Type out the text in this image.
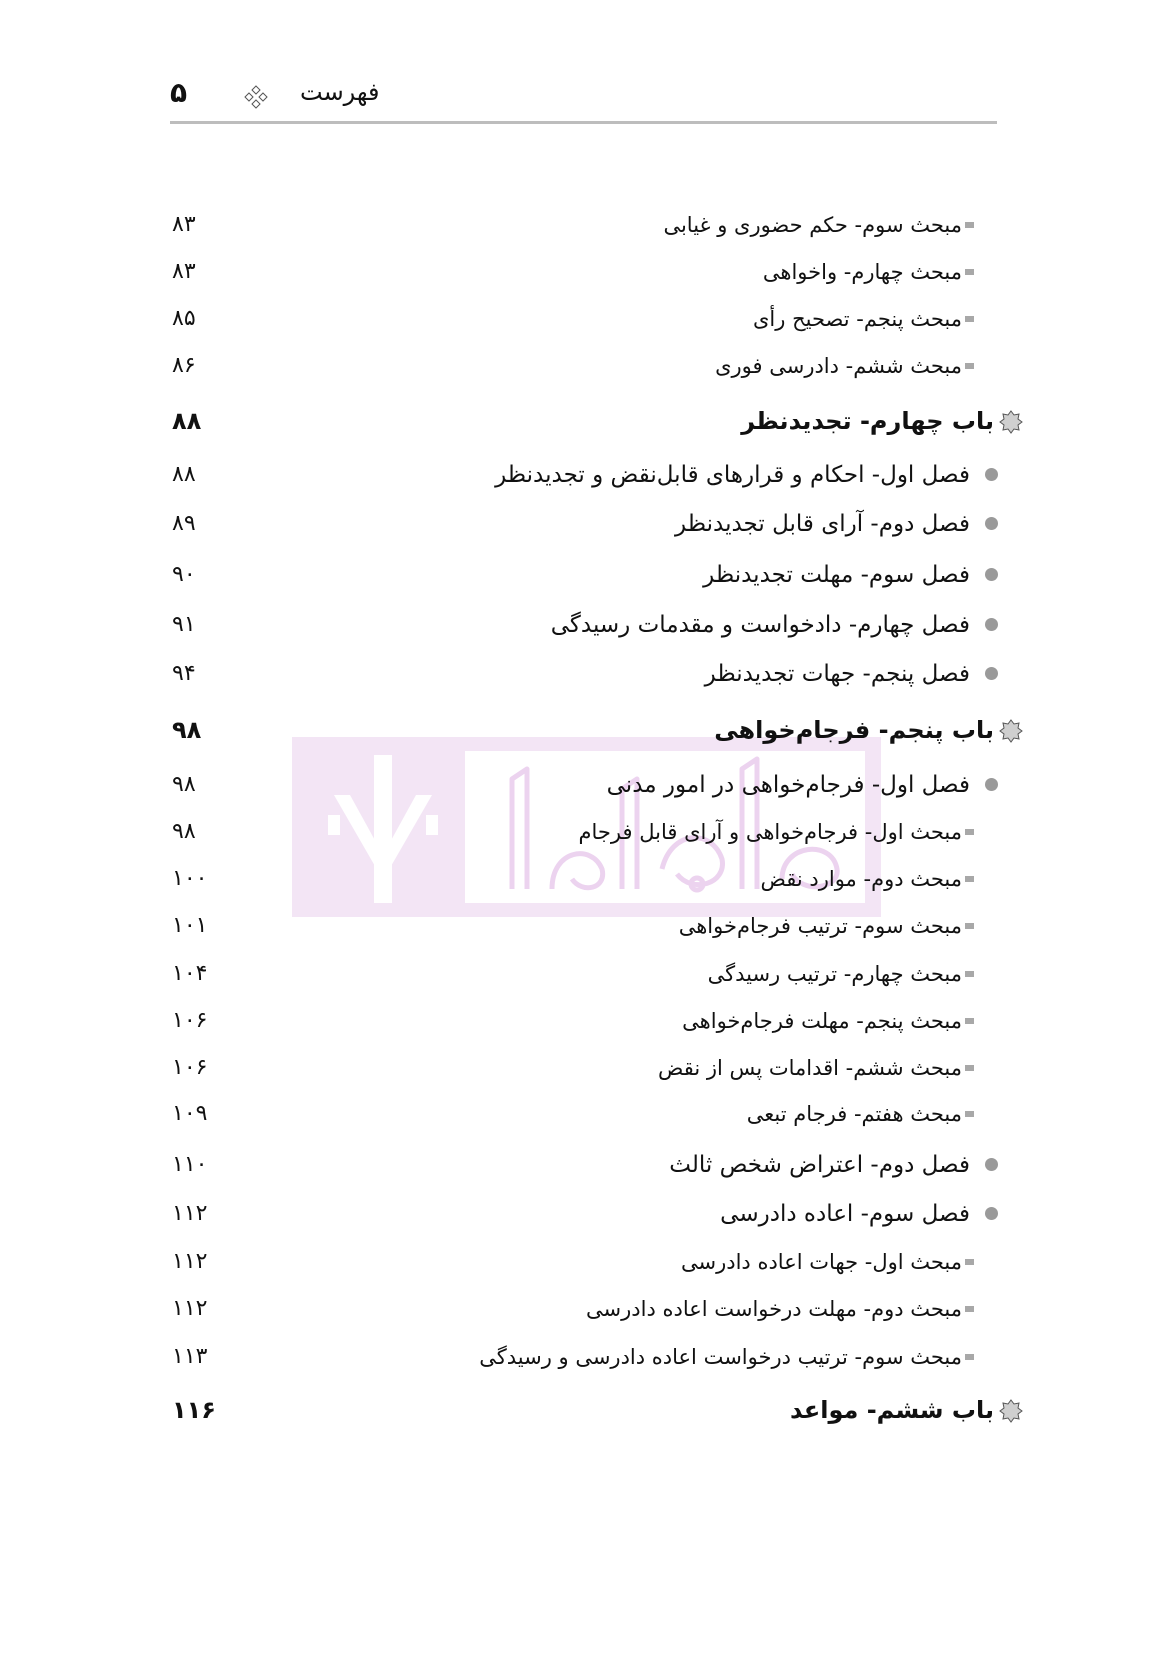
فهرست
۵
مبحث سوم- حکم حضوری و غیابی
۸۳
مبحث چهارم- واخواهی
۸۳
مبحث پنجم- تصحیح رأی
۸۵
مبحث ششم- دادرسی فوری
۸۶
باب چهارم- تجدیدنظر
۸۸
فصل اول- احکام و قرارهای قابل‌نقض و تجدیدنظر
۸۸
فصل دوم- آرای قابل تجدیدنظر
۸۹
فصل سوم- مهلت تجدیدنظر
۹۰
فصل چهارم- دادخواست و مقدمات رسیدگی
۹۱
فصل پنجم- جهات تجدیدنظر
۹۴
باب پنجم- فرجام‌خواهی
۹۸
فصل اول- فرجام‌خواهی در امور مدنی
۹۸
مبحث اول- فرجام‌خواهی و آرای قابل فرجام
۹۸
مبحث دوم- موارد نقض
۱۰۰
مبحث سوم- ترتیب فرجام‌خواهی
۱۰۱
مبحث چهارم- ترتیب رسیدگی
۱۰۴
مبحث پنجم- مهلت فرجام‌خواهی
۱۰۶
مبحث ششم- اقدامات پس از نقض
۱۰۶
مبحث هفتم- فرجام تبعی
۱۰۹
فصل دوم- اعتراض شخص ثالث
۱۱۰
فصل سوم- اعاده دادرسی
۱۱۲
مبحث اول- جهات اعاده دادرسی
۱۱۲
مبحث دوم- مهلت درخواست اعاده دادرسی
۱۱۲
مبحث سوم- ترتیب درخواست اعاده دادرسی و رسیدگی
۱۱۳
باب ششم- مواعد
۱۱۶
